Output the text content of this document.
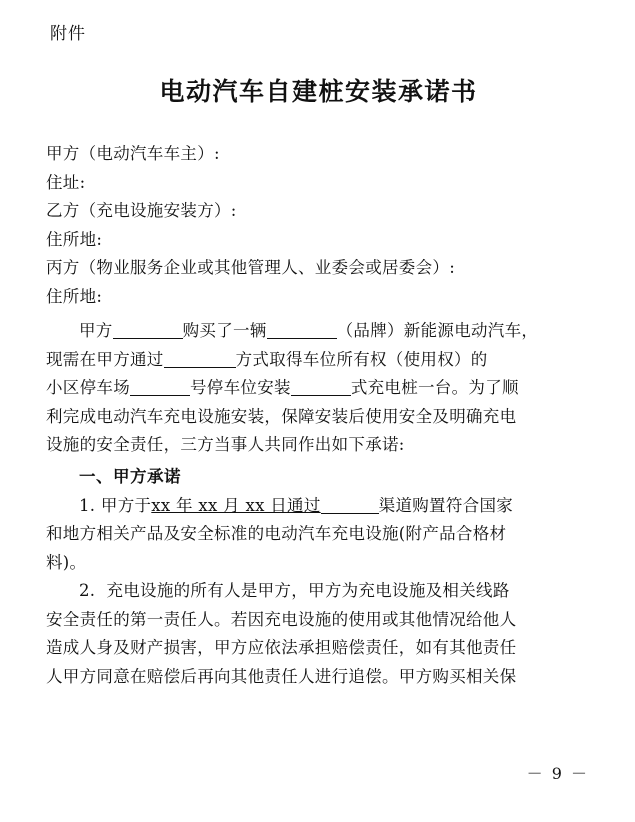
附件
电动汽车自建桩安装承诺书
甲方（电动汽车车主）:
住址:
乙方（充电设施安装方）:
住所地:
丙方（物业服务企业或其他管理人、业委会或居委会）:
住所地:
甲方	购买了一辆	（品牌）新能源电动汽车，
现需在甲方通过	方式取得车位所有权（使用权）的
小区停车场	号停车位安装	式充电桩一台。为了顺
利完成电动汽车充电设施安装，保障安装后使用安全及明确充电
设施的安全责任，三方当事人共同作出如下承诺:
一、甲方承诺
1. 甲方于xx 年 xx 月 xx 日通过	渠道购置符合国家
和地方相关产品及安全标准的电动汽车充电设施(附产品合格材
料)。
2. 充电设施的所有人是甲方，甲方为充电设施及相关线路
安全责任的第一责任人。若因充电设施的使用或其他情况给他人
造成人身及财产损害，甲方应依法承担赔偿责任，如有其他责任
人甲方同意在赔偿后再向其他责任人进行追偿。甲方购买相关保
－ 9 －
